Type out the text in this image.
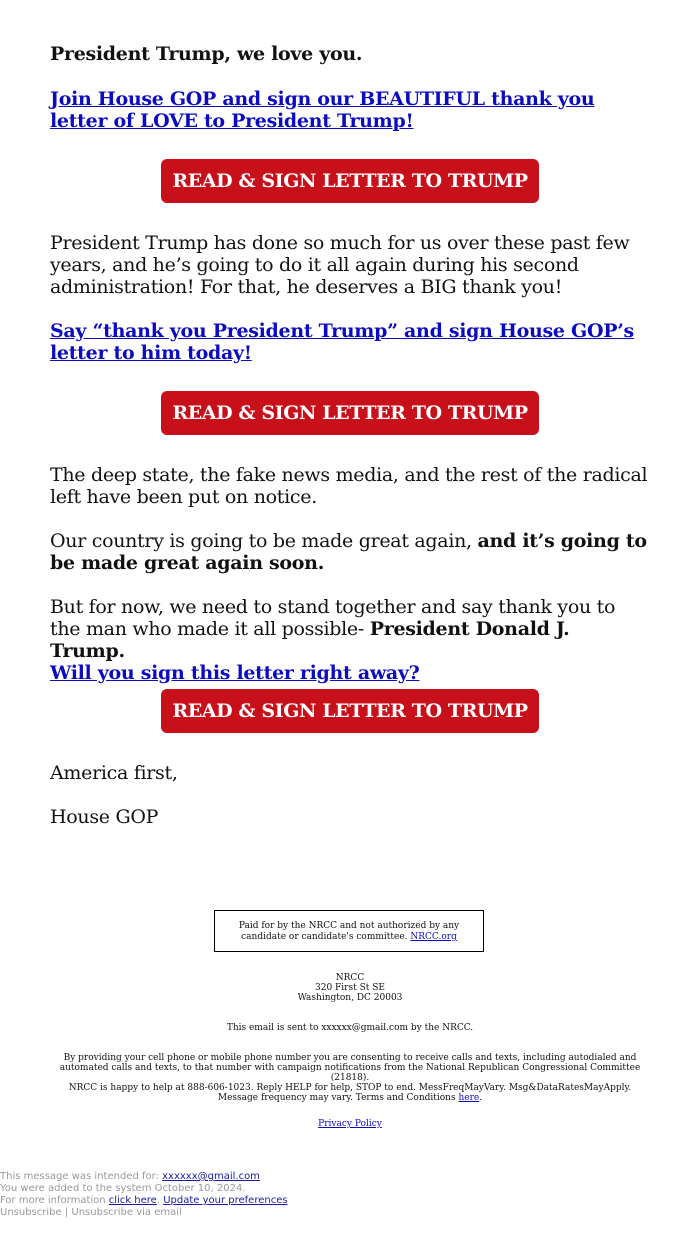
President Trump, we love you.

Join House GOP and sign our BEAUTIFUL thank you letter of LOVE to President Trump!

President Trump has done so much for us over these past few years, and he’s going to do it all again during his second administration! For that, he deserves a BIG thank you!

Say “thank you President Trump” and sign House GOP’s letter to him today!

The deep state, the fake news media, and the rest of the radical left have been put on notice.

Our country is going to be made great again, and it’s going to be made great again soon.

But for now, we need to stand together and say thank you to the man who made it all possible- President Donald J. Trump.
Will you sign this letter right away?

America first,

House GOP

READ & SIGN LETTER TO TRUMP
READ & SIGN LETTER TO TRUMP
READ & SIGN LETTER TO TRUMP
Paid for by the NRCC and not authorized by any candidate or candidate's committee. NRCC.org
NRCC
320 First St SE
Washington, DC 20003
This email is sent to xxxxxx@gmail.com by the NRCC.
By providing your cell phone or mobile phone number you are consenting to receive calls and texts, including autodialed and automated calls and texts, to that number with campaign notifications from the National Republican Congressional Committee (21818).
NRCC is happy to help at 888-606-1023. Reply HELP for help, STOP to end. MessFreqMayVary. Msg&DataRatesMayApply. Message frequency may vary. Terms and Conditions here.
Privacy Policy
This message was intended for: xxxxxx@gmail.com
You were added to the system October 10, 2024.
For more information click here. Update your preferences
Unsubscribe | Unsubscribe via email
